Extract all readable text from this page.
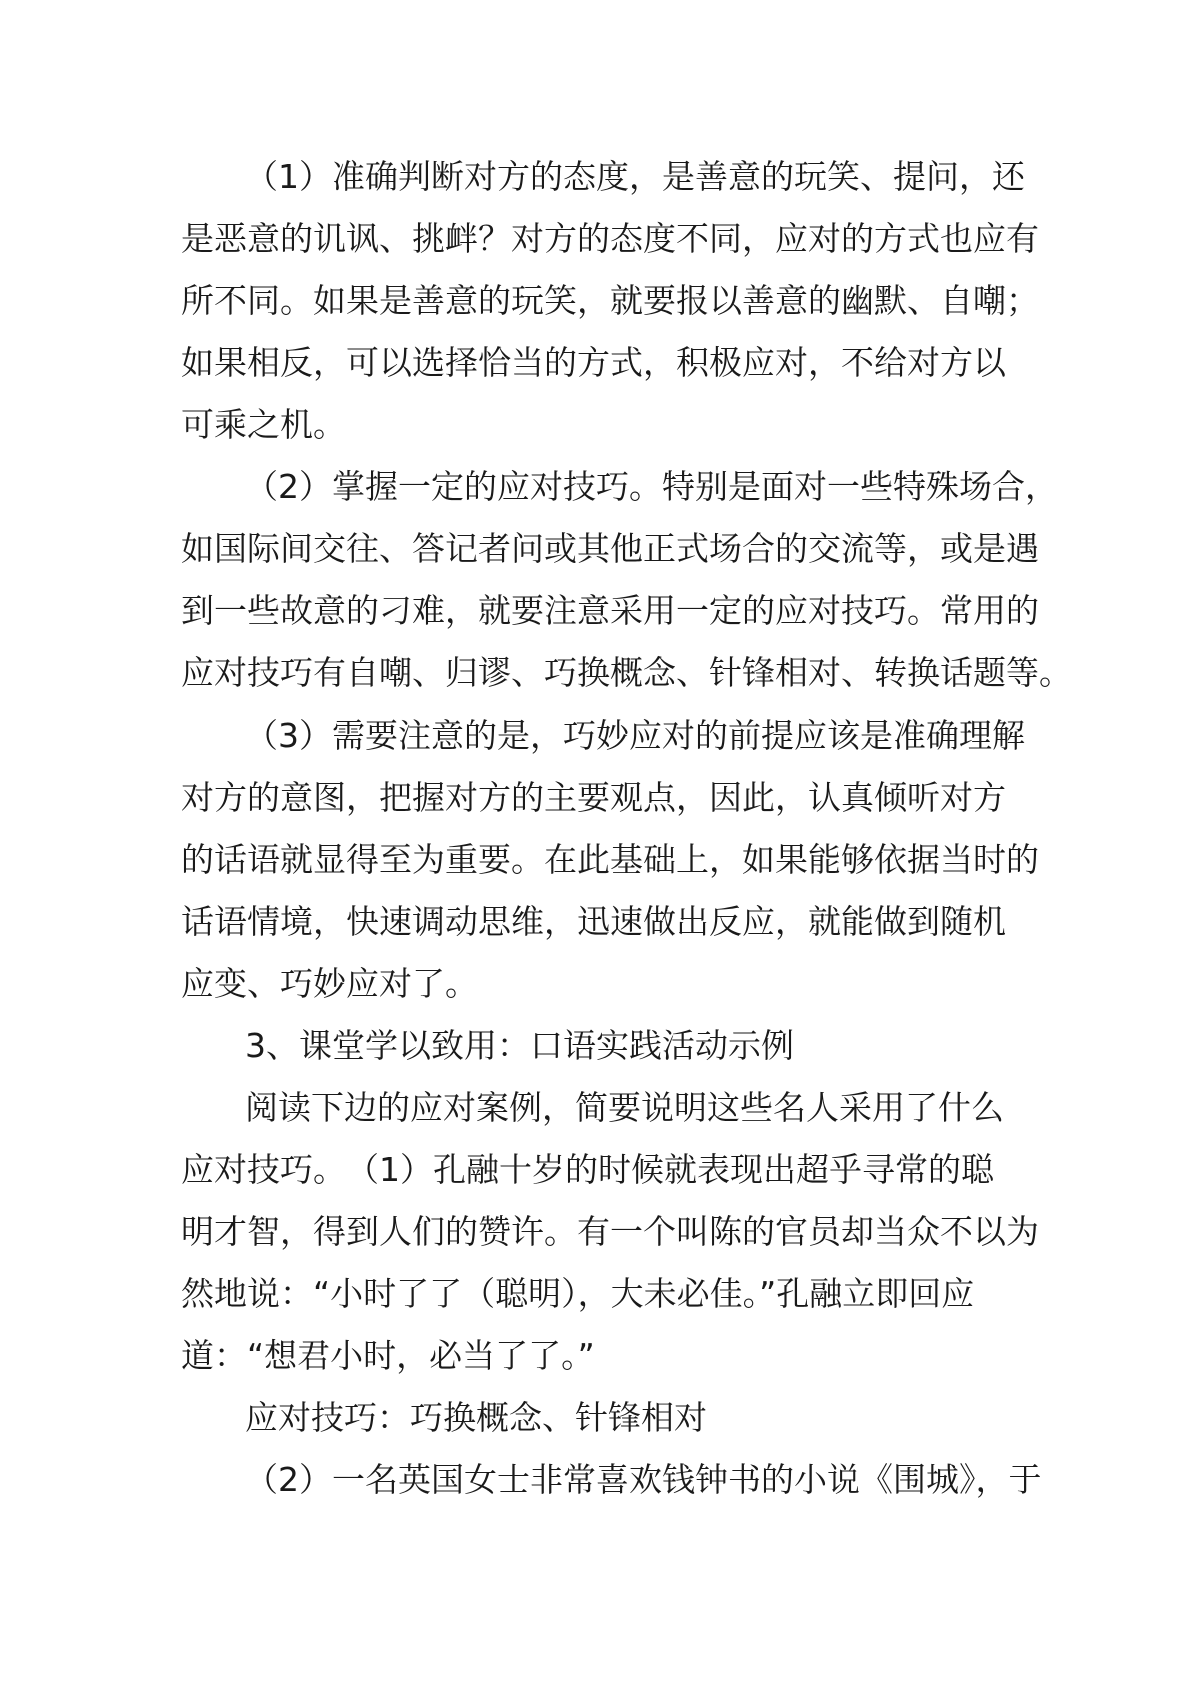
（1）准确判断对方的态度，是善意的玩笑、提问，还
是恶意的讥讽、挑衅？对方的态度不同，应对的方式也应有
所不同。如果是善意的玩笑，就要报以善意的幽默、自嘲；
如果相反，可以选择恰当的方式，积极应对，不给对方以
可乘之机。
（2）掌握一定的应对技巧。特别是面对一些特殊场合，
如国际间交往、答记者问或其他正式场合的交流等，或是遇
到一些故意的刁难，就要注意采用一定的应对技巧。常用的
应对技巧有自嘲、归谬、巧换概念、针锋相对、转换话题等。
（3）需要注意的是，巧妙应对的前提应该是准确理解
对方的意图，把握对方的主要观点，因此，认真倾听对方
的话语就显得至为重要。在此基础上，如果能够依据当时的
话语情境，快速调动思维，迅速做出反应，就能做到随机
应变、巧妙应对了。
3、课堂学以致用：口语实践活动示例
阅读下边的应对案例，简要说明这些名人采用了什么
应对技巧。　（1）孔融十岁的时候就表现出超乎寻常的聪
明才智，得到人们的赞许。有一个叫陈的官员却当众不以为
然地说：“小时了了（聪明），大未必佳。”孔融立即回应
道：“想君小时，必当了了。”
应对技巧：巧换概念、针锋相对
（2）一名英国女士非常喜欢钱钟书的小说《围城》，于
